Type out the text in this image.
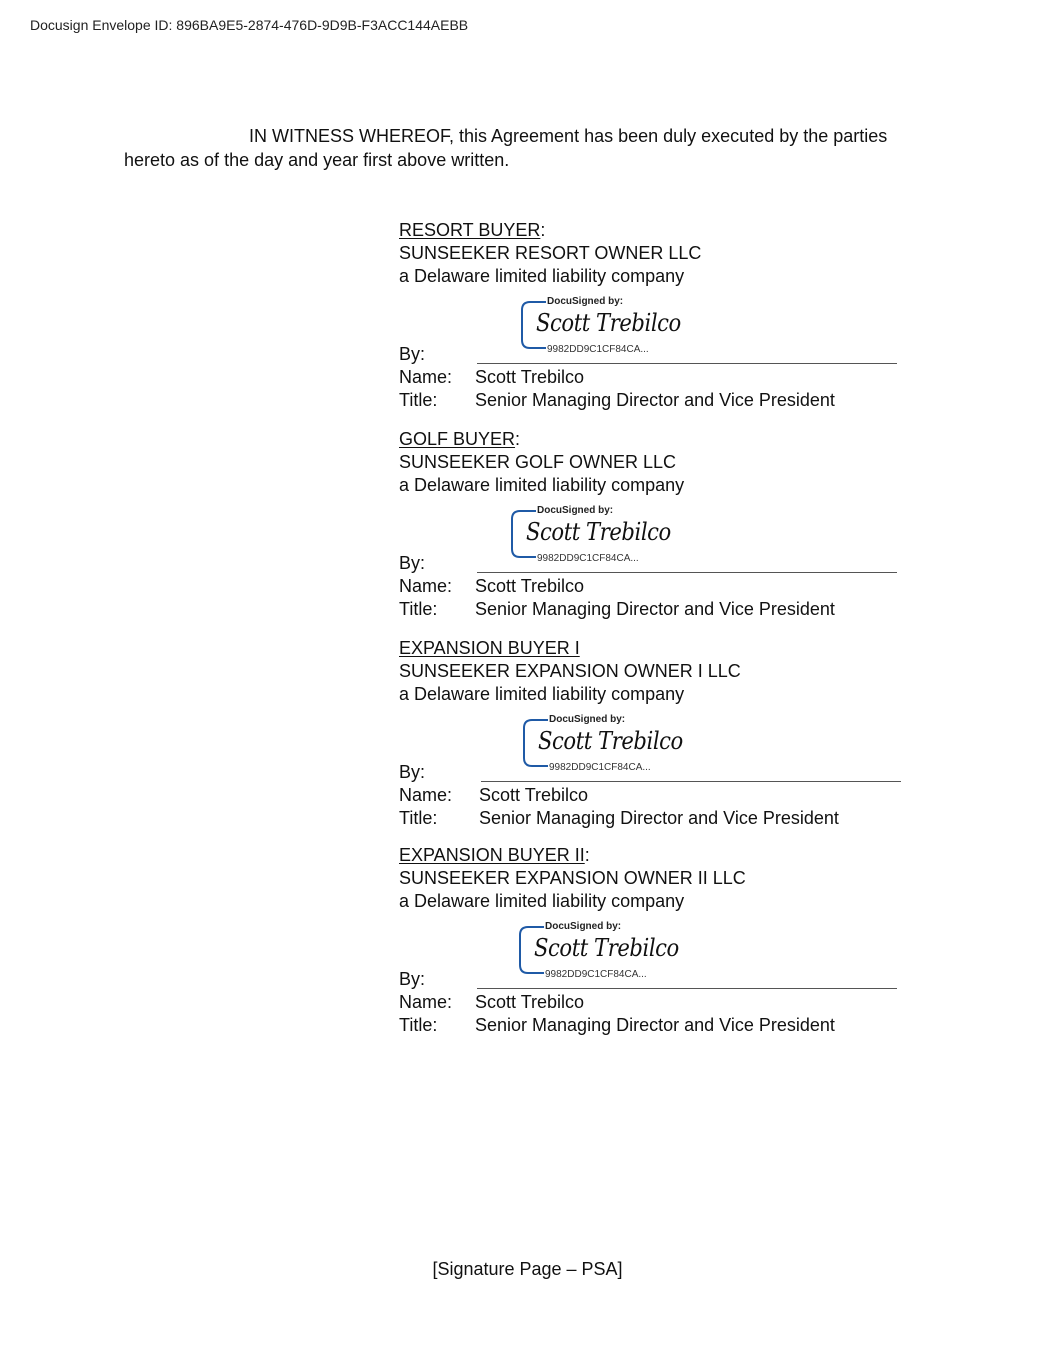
Docusign Envelope ID: 896BA9E5-2874-476D-9D9B-F3ACC144AEBB
IN WITNESS WHEREOF, this Agreement has been duly executed by the parties hereto as of the day and year first above written.
RESORT BUYER:
SUNSEEKER RESORT OWNER LLC
a Delaware limited liability company
By:
DocuSigned by:
Scott Trebilco
9982DD9C1CF84CA...
Name:	Scott Trebilco
Title:	Senior Managing Director and Vice President
GOLF BUYER:
SUNSEEKER GOLF OWNER LLC
a Delaware limited liability company
By:
DocuSigned by:
Scott Trebilco
9982DD9C1CF84CA...
Name:	Scott Trebilco
Title:	Senior Managing Director and Vice President
EXPANSION BUYER I
SUNSEEKER EXPANSION OWNER I LLC
a Delaware limited liability company
By:
DocuSigned by:
Scott Trebilco
9982DD9C1CF84CA...
Name:	Scott Trebilco
Title:	Senior Managing Director and Vice President
EXPANSION BUYER II:
SUNSEEKER EXPANSION OWNER II LLC
a Delaware limited liability company
By:
DocuSigned by:
Scott Trebilco
9982DD9C1CF84CA...
Name:	Scott Trebilco
Title:	Senior Managing Director and Vice President
[Signature Page – PSA]
